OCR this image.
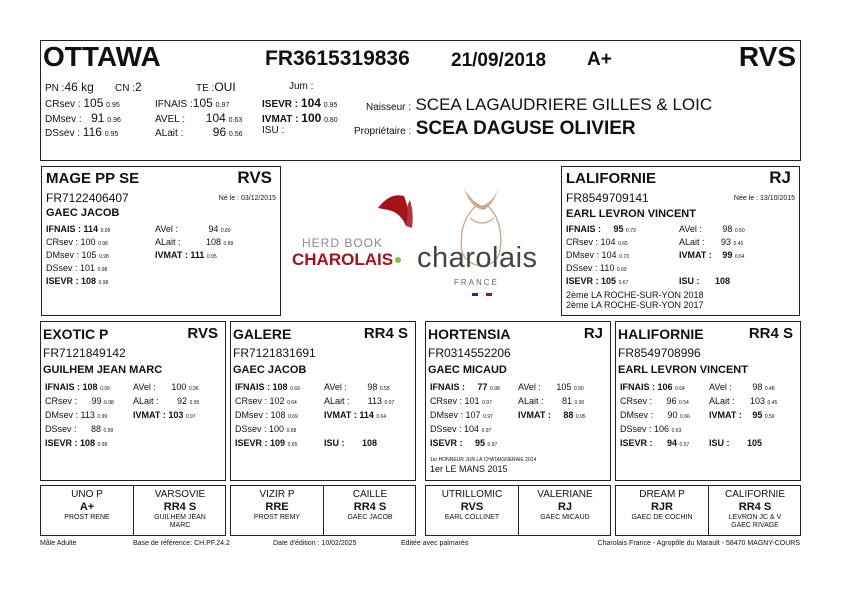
OTTAWA	FR3615319836 21/09/2018 A+	RVS
PN :46 kg CN :2	TE :OUI	Jum :
CRsev : 105 0.95
DMsev : 91 0.96
DSsev : 116 0.95
IFNAIS :105 0.97
AVEL : 104 0.63
ALait : 96 0.56
ISEVR : 104 0.95
IVMAT : 100 0.80
ISU :
Naisseur : SCEA LAGAUDRIERE GILLES & LOIC
Propriétaire : SCEA DAGUSE OLIVIER
MAGE PP SE	RVS
FR7122406407	Né le : 03/12/2015
GAEC JACOB
IFNAIS : 114 0.99
CRsev : 100 0.98
DMsev : 105 0.98
DSsev : 101 0.98
ISEVR : 108 0.98
AVel :	94 0.89
ALait :	108 0.89
IVMAT : 111 0.95
HERD BOOK
CHAROLAIS charolais
FRANCE
LALIFORNIE	RJ
FR8549709141	Née le : 13/10/2015
EARL LEVRON VINCENT
IFNAIS : 95 0.73
CRsev : 104 0.65
DMsev : 104 0.73
DSsev : 110 0.69
ISEVR : 105 0.67
AVel : 98 0.50
ALait : 93 0.45
IVMAT : 99 0.64
ISU : 108
2ème LA ROCHE-SUR-YON 2018
2ème LA ROCHE-SUR-YON 2017
EXOTIC P	RVS
FR7121849142
GUILHEM JEAN MARC
IFNAIS : 108 0.99
CRsev : 99 0.98
DMsev : 113 0.99
DSsev : 88 0.99
ISEVR : 108 0.99
AVel : 100 0.96
ALait : 92 0.95
IVMAT : 103 0.97
GALERE	RR4 S
FR7121831691
GAEC JACOB
IFNAIS : 108 0.69
CRsev : 102 0.64
DMsev : 108 0.69
DSsev : 100 0.68
ISEVR : 109 0.65
AVel : 98 0.58
ALait : 113 0.57
IVMAT : 114 0.64
ISU : 108
HORTENSIA	RJ
FR0314552206
GAEC MICAUD
IFNAIS : 77 0.98
CRsev : 101 0.97
DMsev : 107 0.97
DSsev : 104 0.97
ISEVR : 95 0.97
AVel : 105 0.90
ALait : 81 0.90
IVMAT : 88 0.95
1er HONNEUR JUN LA CHATAIGNERAIE 2014
1er LE MANS 2015
HALIFORNIE	RR4 S
FR8549708996
EARL LEVRON VINCENT
IFNAIS : 106 0.64
CRsev : 96 0.54
DMsev : 90 0.66
DSsev : 106 0.63
ISEVR : 94 0.57
AVel : 98 0.48
ALait : 103 0.45
IVMAT : 95 0.59
ISU : 105
UNO P
A+
PROST RENE
VARSOVIE
RR4 S
GUILHEM JEAN MARC
VIZIR P
RRE
PROST REMY
CAILLE
RR4 S
GAEC JACOB
UTRILLOMIC
RVS
EARL COLLINET
VALERIANE
RJ
GAEC MICAUD
DREAM P
RJR
GAEC DE COCHIN
CALIFORNIE
RR4 S
LEVRON JC & V GAEC RIVAGE
Mâle Adulte	Base de référence: CH.PF.24.2	Date d'édition : 10/02/2025	Editée avec palmarès	Charolais France - Agropôle du Marault - 58470 MAGNY-COURS
